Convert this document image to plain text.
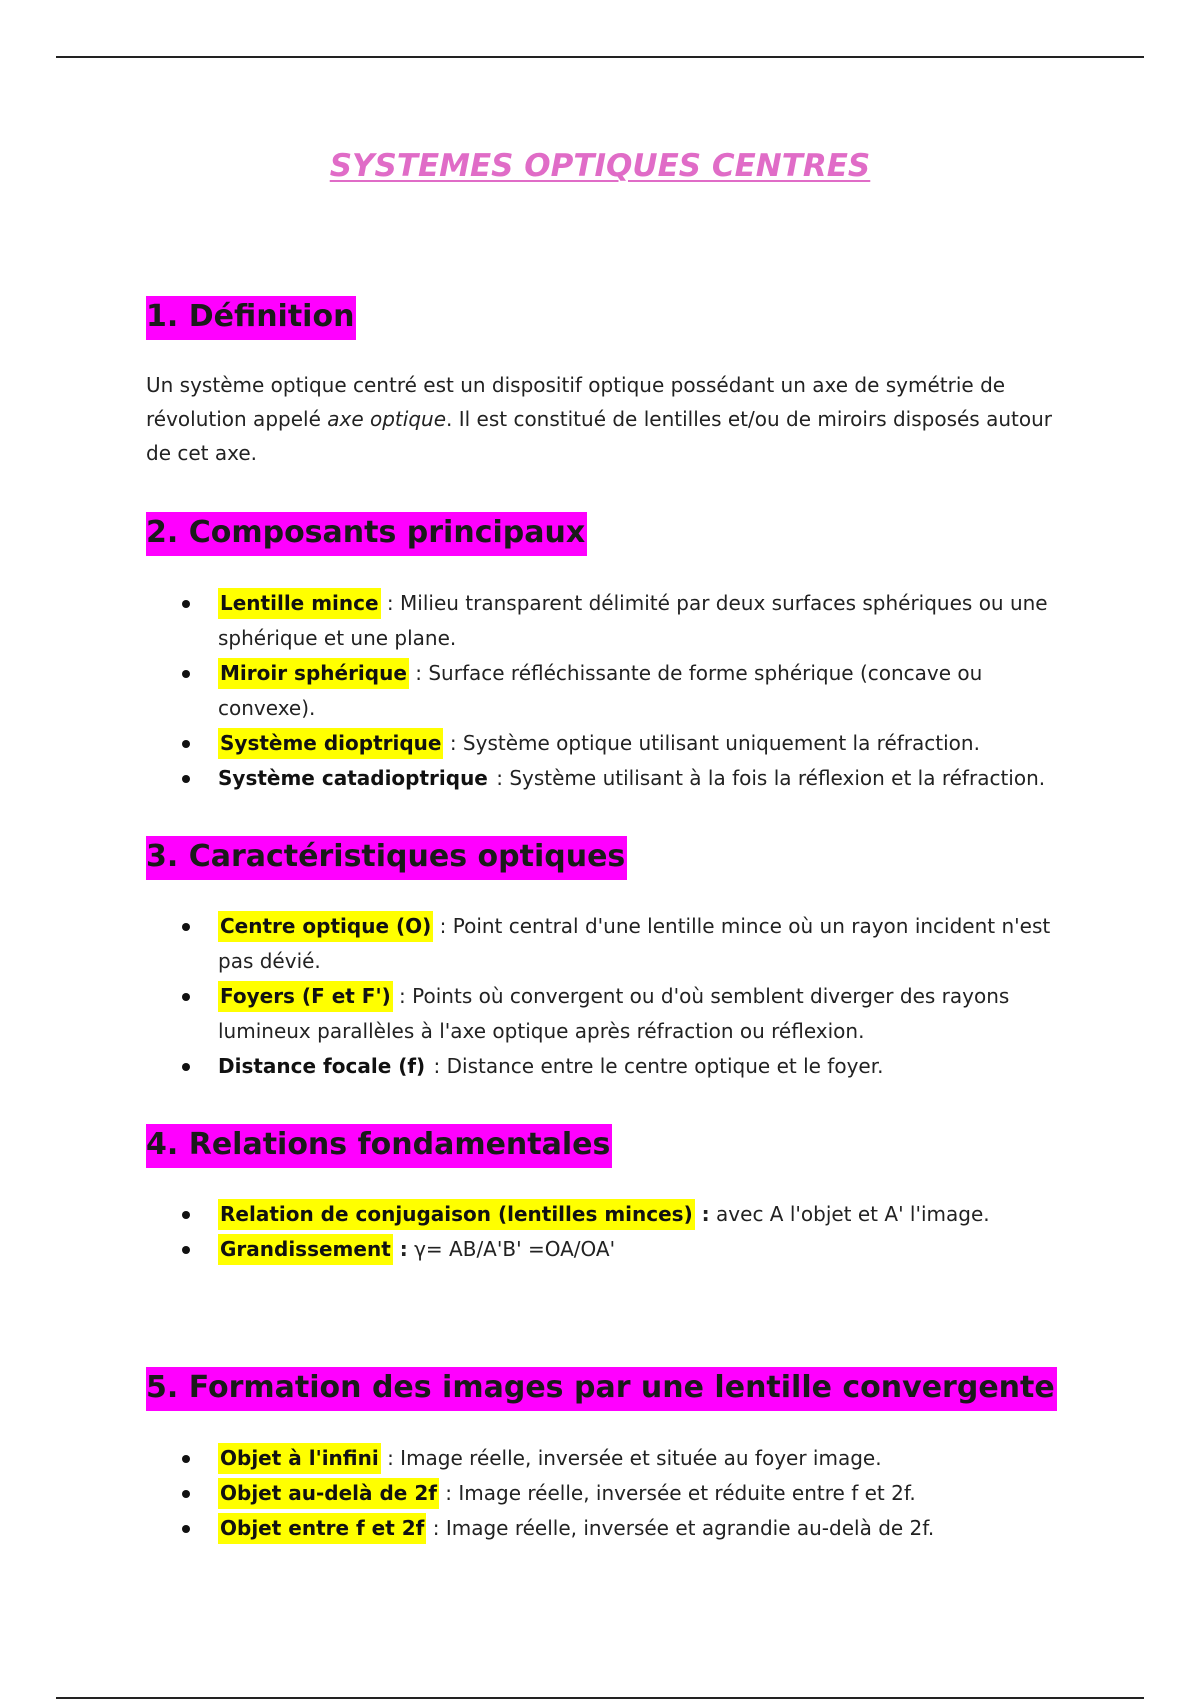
SYSTEMES OPTIQUES CENTRES
1. Définition

Un système optique centré est un dispositif optique possédant un axe de symétrie de révolution appelé axe optique. Il est constitué de lentilles et/ou de miroirs disposés autour de cet axe.

2. Composants principaux
Lentille mince : Milieu transparent délimité par deux surfaces sphériques ou une sphérique et une plane.
Miroir sphérique : Surface réfléchissante de forme sphérique (concave ou convexe).
Système dioptrique : Système optique utilisant uniquement la réfraction.
Système catadioptrique : Système utilisant à la fois la réflexion et la réfraction.
3. Caractéristiques optiques
Centre optique (O) : Point central d'une lentille mince où un rayon incident n'est pas dévié.
Foyers (F et F') : Points où convergent ou d'où semblent diverger des rayons lumineux parallèles à l'axe optique après réfraction ou réflexion.
Distance focale (f) : Distance entre le centre optique et le foyer.
4. Relations fondamentales
Relation de conjugaison (lentilles minces) : avec A l'objet et A' l'image.
Grandissement : γ= AB/A'B' =OA/OA'
5. Formation des images par une lentille convergente
Objet à l'infini : Image réelle, inversée et située au foyer image.
Objet au-delà de 2f : Image réelle, inversée et réduite entre f et 2f.
Objet entre f et 2f : Image réelle, inversée et agrandie au-delà de 2f.
